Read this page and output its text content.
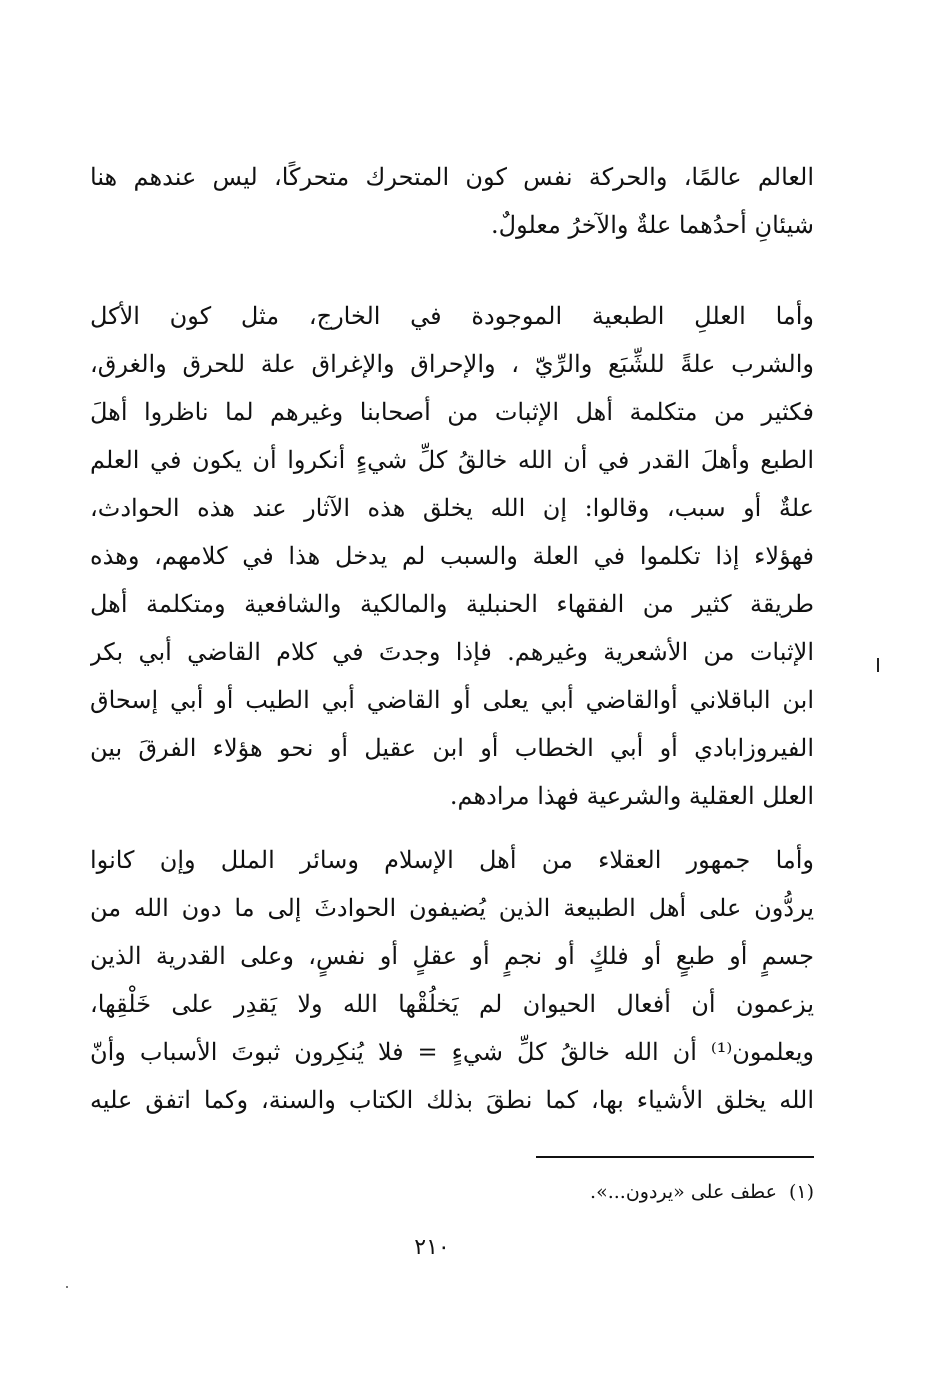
العالم عالمًا، والحركة نفس كون المتحرك متحركًا، ليس عندهم هنا
شيئانِ أحدُهما علةٌ والآخرُ معلولٌ.
وأما العللِ الطبعية الموجودة في الخارج، مثل كون الأكل
والشرب علةً للشِّبَع والرِّيّ ، والإحراق والإغراق علة للحرق والغرق،
فكثير من متكلمة أهل الإثبات من أصحابنا وغيرهم لما ناظروا أهلَ
الطبع وأهلَ القدر في أن الله خالقُ كلِّ شيءٍ أنكروا أن يكون في العلم
علةٌ أو سبب، وقالوا: إن الله يخلق هذه الآثار عند هذه الحوادث،
فهؤلاء إذا تكلموا في العلة والسبب لم يدخل هذا في كلامهم، وهذه
طريقة كثير من الفقهاء الحنبلية والمالكية والشافعية ومتكلمة أهل
الإثبات من الأشعرية وغيرهم. فإذا وجدتَ في كلام القاضي أبي بكر
ابن الباقلاني أوالقاضي أبي يعلى أو القاضي أبي الطيب أو أبي إسحاق
الفيروزابادي أو أبي الخطاب أو ابن عقيل أو نحو هؤلاء الفرقَ بين
العلل العقلية والشرعية فهذا مرادهم.
وأما جمهور العقلاء من أهل الإسلام وسائر الملل وإن كانوا
يردُّون على أهل الطبيعة الذين يُضيفون الحوادثَ إلى ما دون الله من
جسمٍ أو طبعٍ أو فلكٍ أو نجمٍ أو عقلٍ أو نفسٍ، وعلى القدرية الذين
يزعمون أن أفعال الحيوان لم يَخلُقْها الله ولا يَقدِر على خَلْقِها،
ويعلمون⁽¹⁾ أن الله خالقُ كلِّ شيءٍ = فلا يُنكِرون ثبوتَ الأسباب وأنّ
الله يخلق الأشياء بها، كما نطقَ بذلك الكتاب والسنة، وكما اتفق عليه
(١)عطف على «يردون...».
٢١٠
